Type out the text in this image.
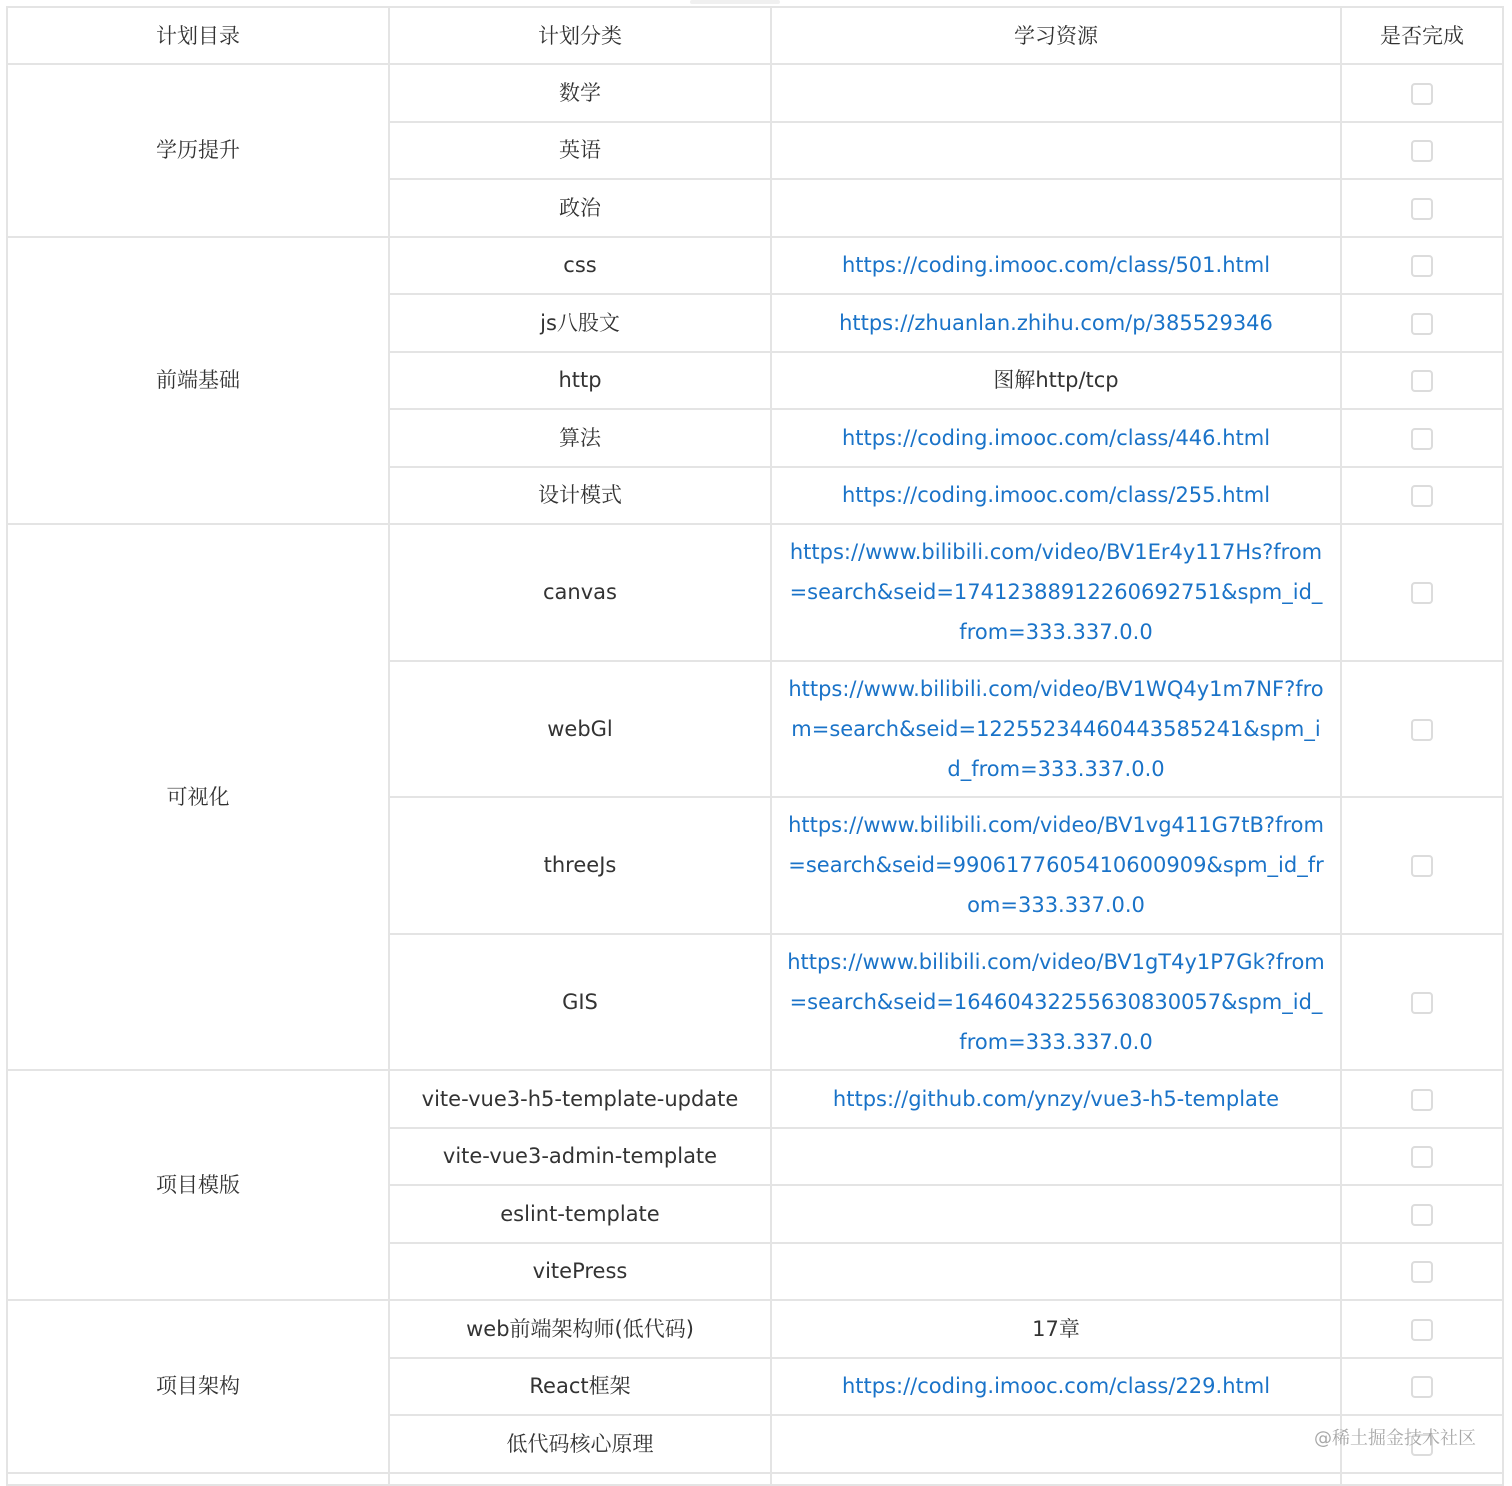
计划目录	计划分类	学习资源	是否完成
学历提升	数学		
	英语		
	政治		
前端基础	css	https://coding.imooc.com/class/501.html	
	js八股文	https://zhuanlan.zhihu.com/p/385529346	
	http	图解http/tcp	
	算法	https://coding.imooc.com/class/446.html	
	设计模式	https://coding.imooc.com/class/255.html	
可视化	canvas	https://www.bilibili.com/video/BV1Er4y117Hs?from=search&seid=17412388912260692751&spm_id_from=333.337.0.0	
	webGl	https://www.bilibili.com/video/BV1WQ4y1m7NF?from=search&seid=12255234460443585241&spm_id_from=333.337.0.0	
	threeJs	https://www.bilibili.com/video/BV1vg411G7tB?from=search&seid=9906177605410600909&spm_id_from=333.337.0.0	
	GIS	https://www.bilibili.com/video/BV1gT4y1P7Gk?from=search&seid=16460432255630830057&spm_id_from=333.337.0.0	
项目模版	vite-vue3-h5-template-update	https://github.com/ynzy/vue3-h5-template	
	vite-vue3-admin-template		
	eslint-template		
	vitePress		
项目架构	web前端架构师(低代码)	17章	
	React框架	https://coding.imooc.com/class/229.html	
	低代码核心原理		
				@稀土掘金技术社区
